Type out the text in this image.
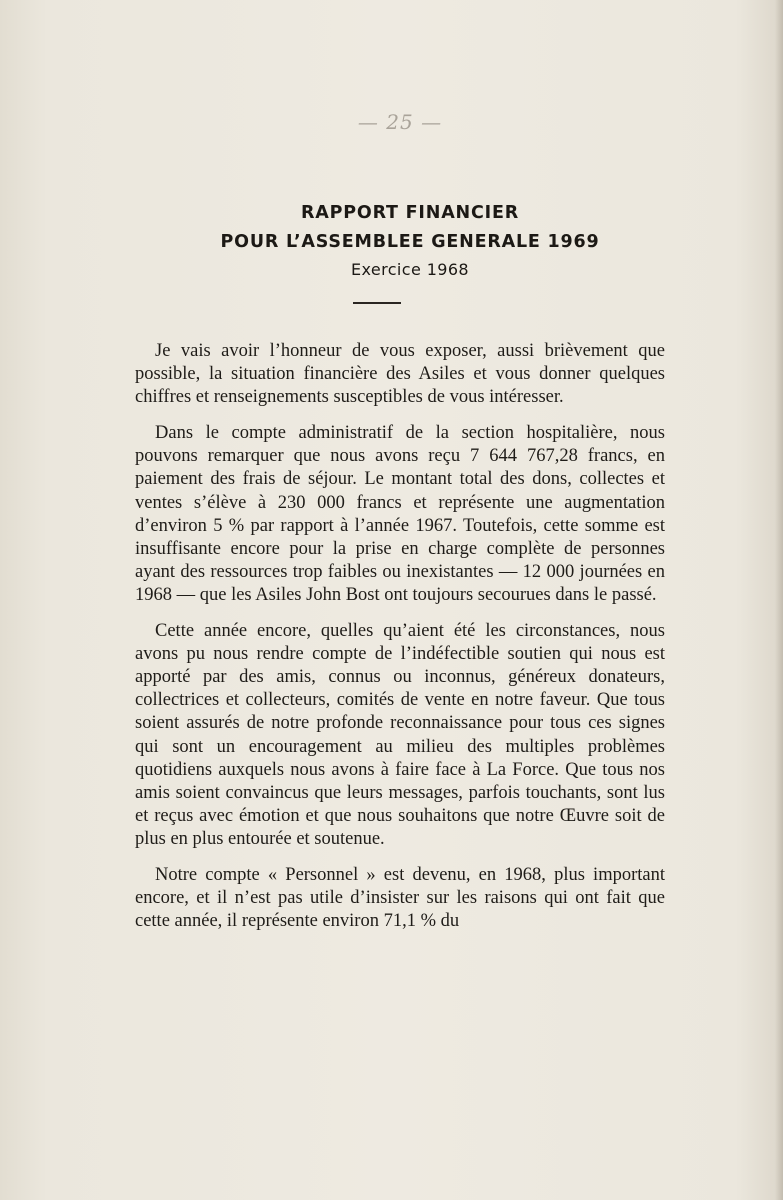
— 25 —
RAPPORT FINANCIER
POUR L’ASSEMBLEE GENERALE 1969
Exercice 1968

Je vais avoir l’honneur de vous exposer, aussi brièvement que possible, la situation financière des Asiles et vous donner quelques chiffres et renseignements susceptibles de vous intéresser.

Dans le compte administratif de la section hospitalière, nous pouvons remarquer que nous avons reçu 7 644 767,28 francs, en paiement des frais de séjour. Le montant total des dons, collectes et ventes s’élève à 230 000 francs et représente une augmentation d’environ 5 % par rapport à l’année 1967. Toutefois, cette somme est insuffisante encore pour la prise en charge complète de personnes ayant des ressources trop faibles ou inexistantes — 12 000 journées en 1968 — que les Asiles John Bost ont toujours secourues dans le passé.

Cette année encore, quelles qu’aient été les circonstances, nous avons pu nous rendre compte de l’indéfectible soutien qui nous est apporté par des amis, connus ou inconnus, généreux donateurs, collectrices et collecteurs, comités de vente en notre faveur. Que tous soient assurés de notre profonde reconnaissance pour tous ces signes qui sont un encouragement au milieu des multiples problèmes quotidiens auxquels nous avons à faire face à La Force. Que tous nos amis soient convaincus que leurs messages, parfois touchants, sont lus et reçus avec émotion et que nous souhaitons que notre Œuvre soit de plus en plus entourée et soutenue.

Notre compte « Personnel » est devenu, en 1968, plus important encore, et il n’est pas utile d’insister sur les raisons qui ont fait que cette année, il représente environ 71,1 % du
